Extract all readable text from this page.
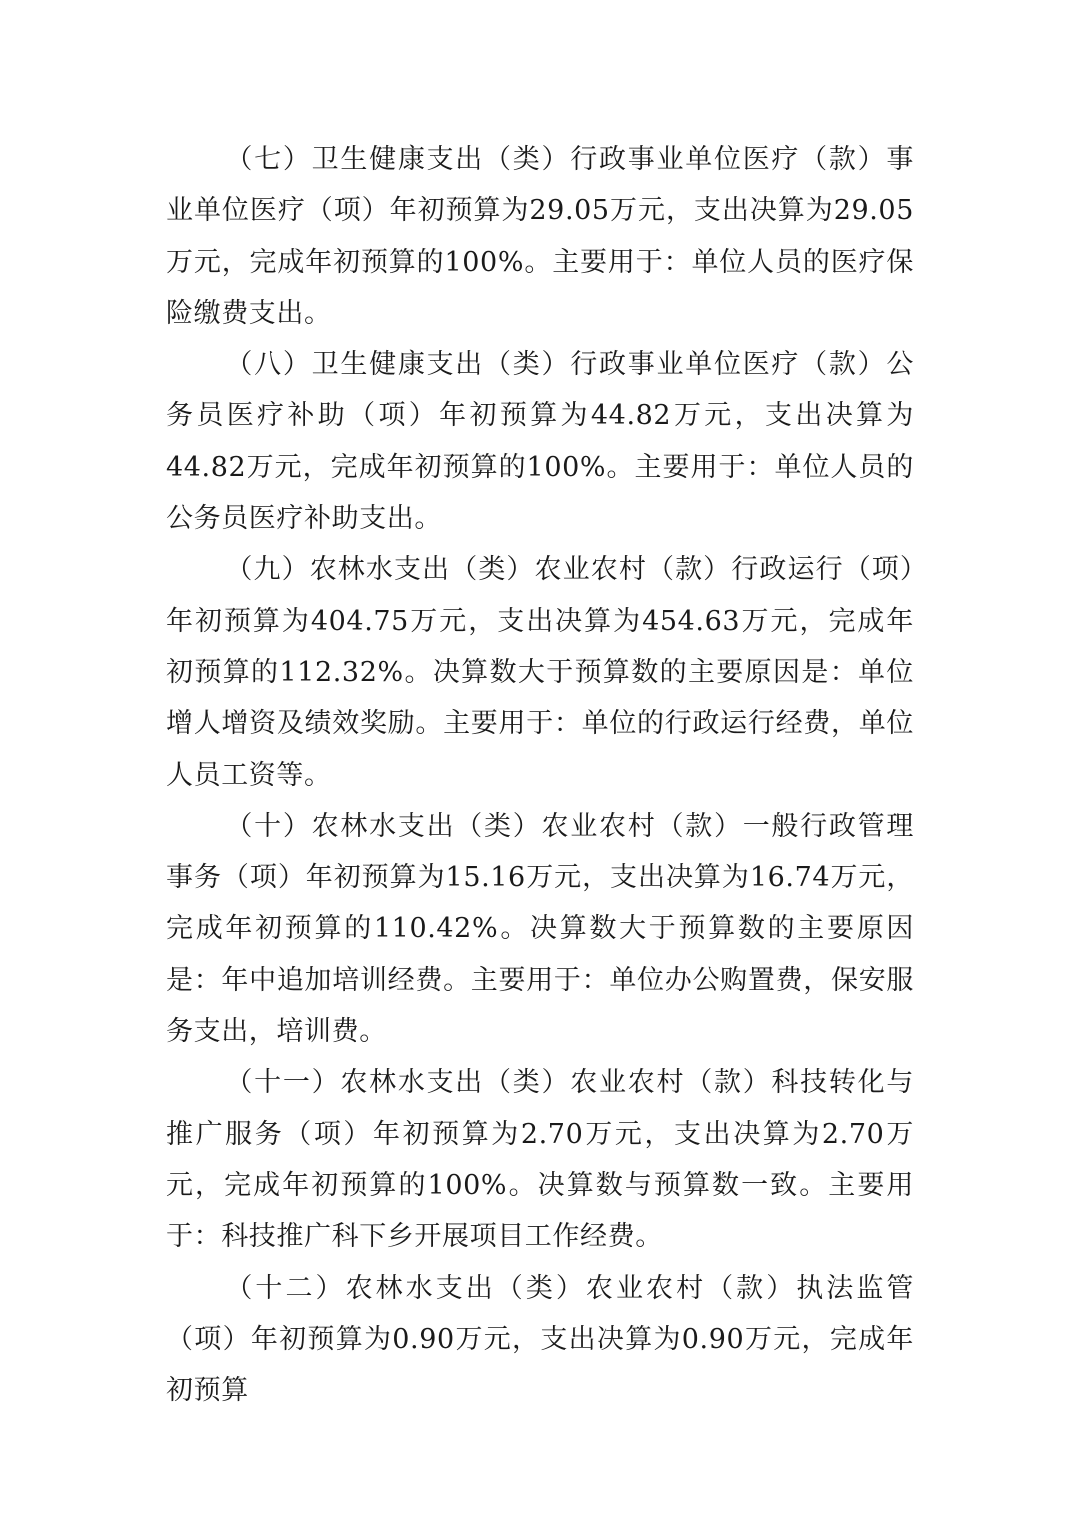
（七）卫生健康支出（类）行政事业单位医疗（款）事业单位医疗（项）年初预算为29.05万元，支出决算为29.05万元，完成年初预算的100%。主要用于：单位人员的医疗保险缴费支出。

（八）卫生健康支出（类）行政事业单位医疗（款）公务员医疗补助（项）年初预算为44.82万元，支出决算为44.82万元，完成年初预算的100%。主要用于：单位人员的公务员医疗补助支出。

（九）农林水支出（类）农业农村（款）行政运行（项）年初预算为404.75万元，支出决算为454.63万元，完成年初预算的112.32%。决算数大于预算数的主要原因是：单位增人增资及绩效奖励。主要用于：单位的行政运行经费，单位人员工资等。

（十）农林水支出（类）农业农村（款）一般行政管理事务（项）年初预算为15.16万元，支出决算为16.74万元，完成年初预算的110.42%。决算数大于预算数的主要原因是：年中追加培训经费。主要用于：单位办公购置费，保安服务支出，培训费。

（十一）农林水支出（类）农业农村（款）科技转化与推广服务（项）年初预算为2.70万元，支出决算为2.70万元，完成年初预算的100%。决算数与预算数一致。主要用于：科技推广科下乡开展项目工作经费。

（十二）农林水支出（类）农业农村（款）执法监管（项）年初预算为0.90万元，支出决算为0.90万元，完成年初预算
